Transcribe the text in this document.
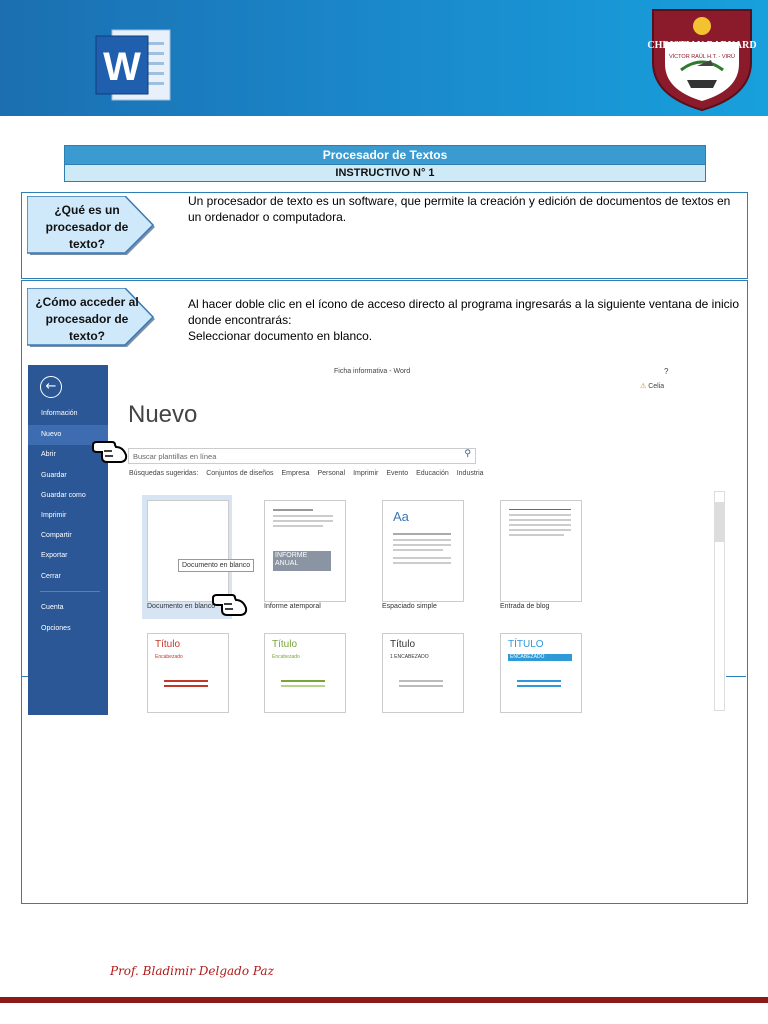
W	CHRISTIAN BARNARD
VÍCTOR RAÚL H.T. - VIRÚ
Procesador de Textos
INSTRUCTIVO N° 1
¿Qué es un procesador de texto?
Un procesador de texto es un software, que permite la creación y edición de documentos de textos en un ordenador o computadora.
¿Cómo acceder al procesador de texto?
Al hacer doble clic en el ícono de acceso directo al programa ingresarás a la siguiente ventana de inicio donde encontrarás:
Seleccionar documento en blanco.
←
Información
Nuevo
Abrir
Guardar
Guardar como
Imprimir
Compartir
Exportar
Cerrar
Cuenta
Opciones
Ficha informativa - Word	?
⚠ Celia
Nuevo
Buscar plantillas en línea	⚲
Búsquedas sugeridas: Conjuntos de diseños Empresa Personal Imprimir Evento Educación Industria
Documento en blanco
Documento en blanco
INFORME ANUAL
Informe atemporal
Aa
Espaciado simple	Entrada de blog
Título
Encabezado
Título
Encabezado
Título
1 ENCABEZADO
TÍTULO
ENCABEZADO
Prof. Bladimir Delgado Paz
